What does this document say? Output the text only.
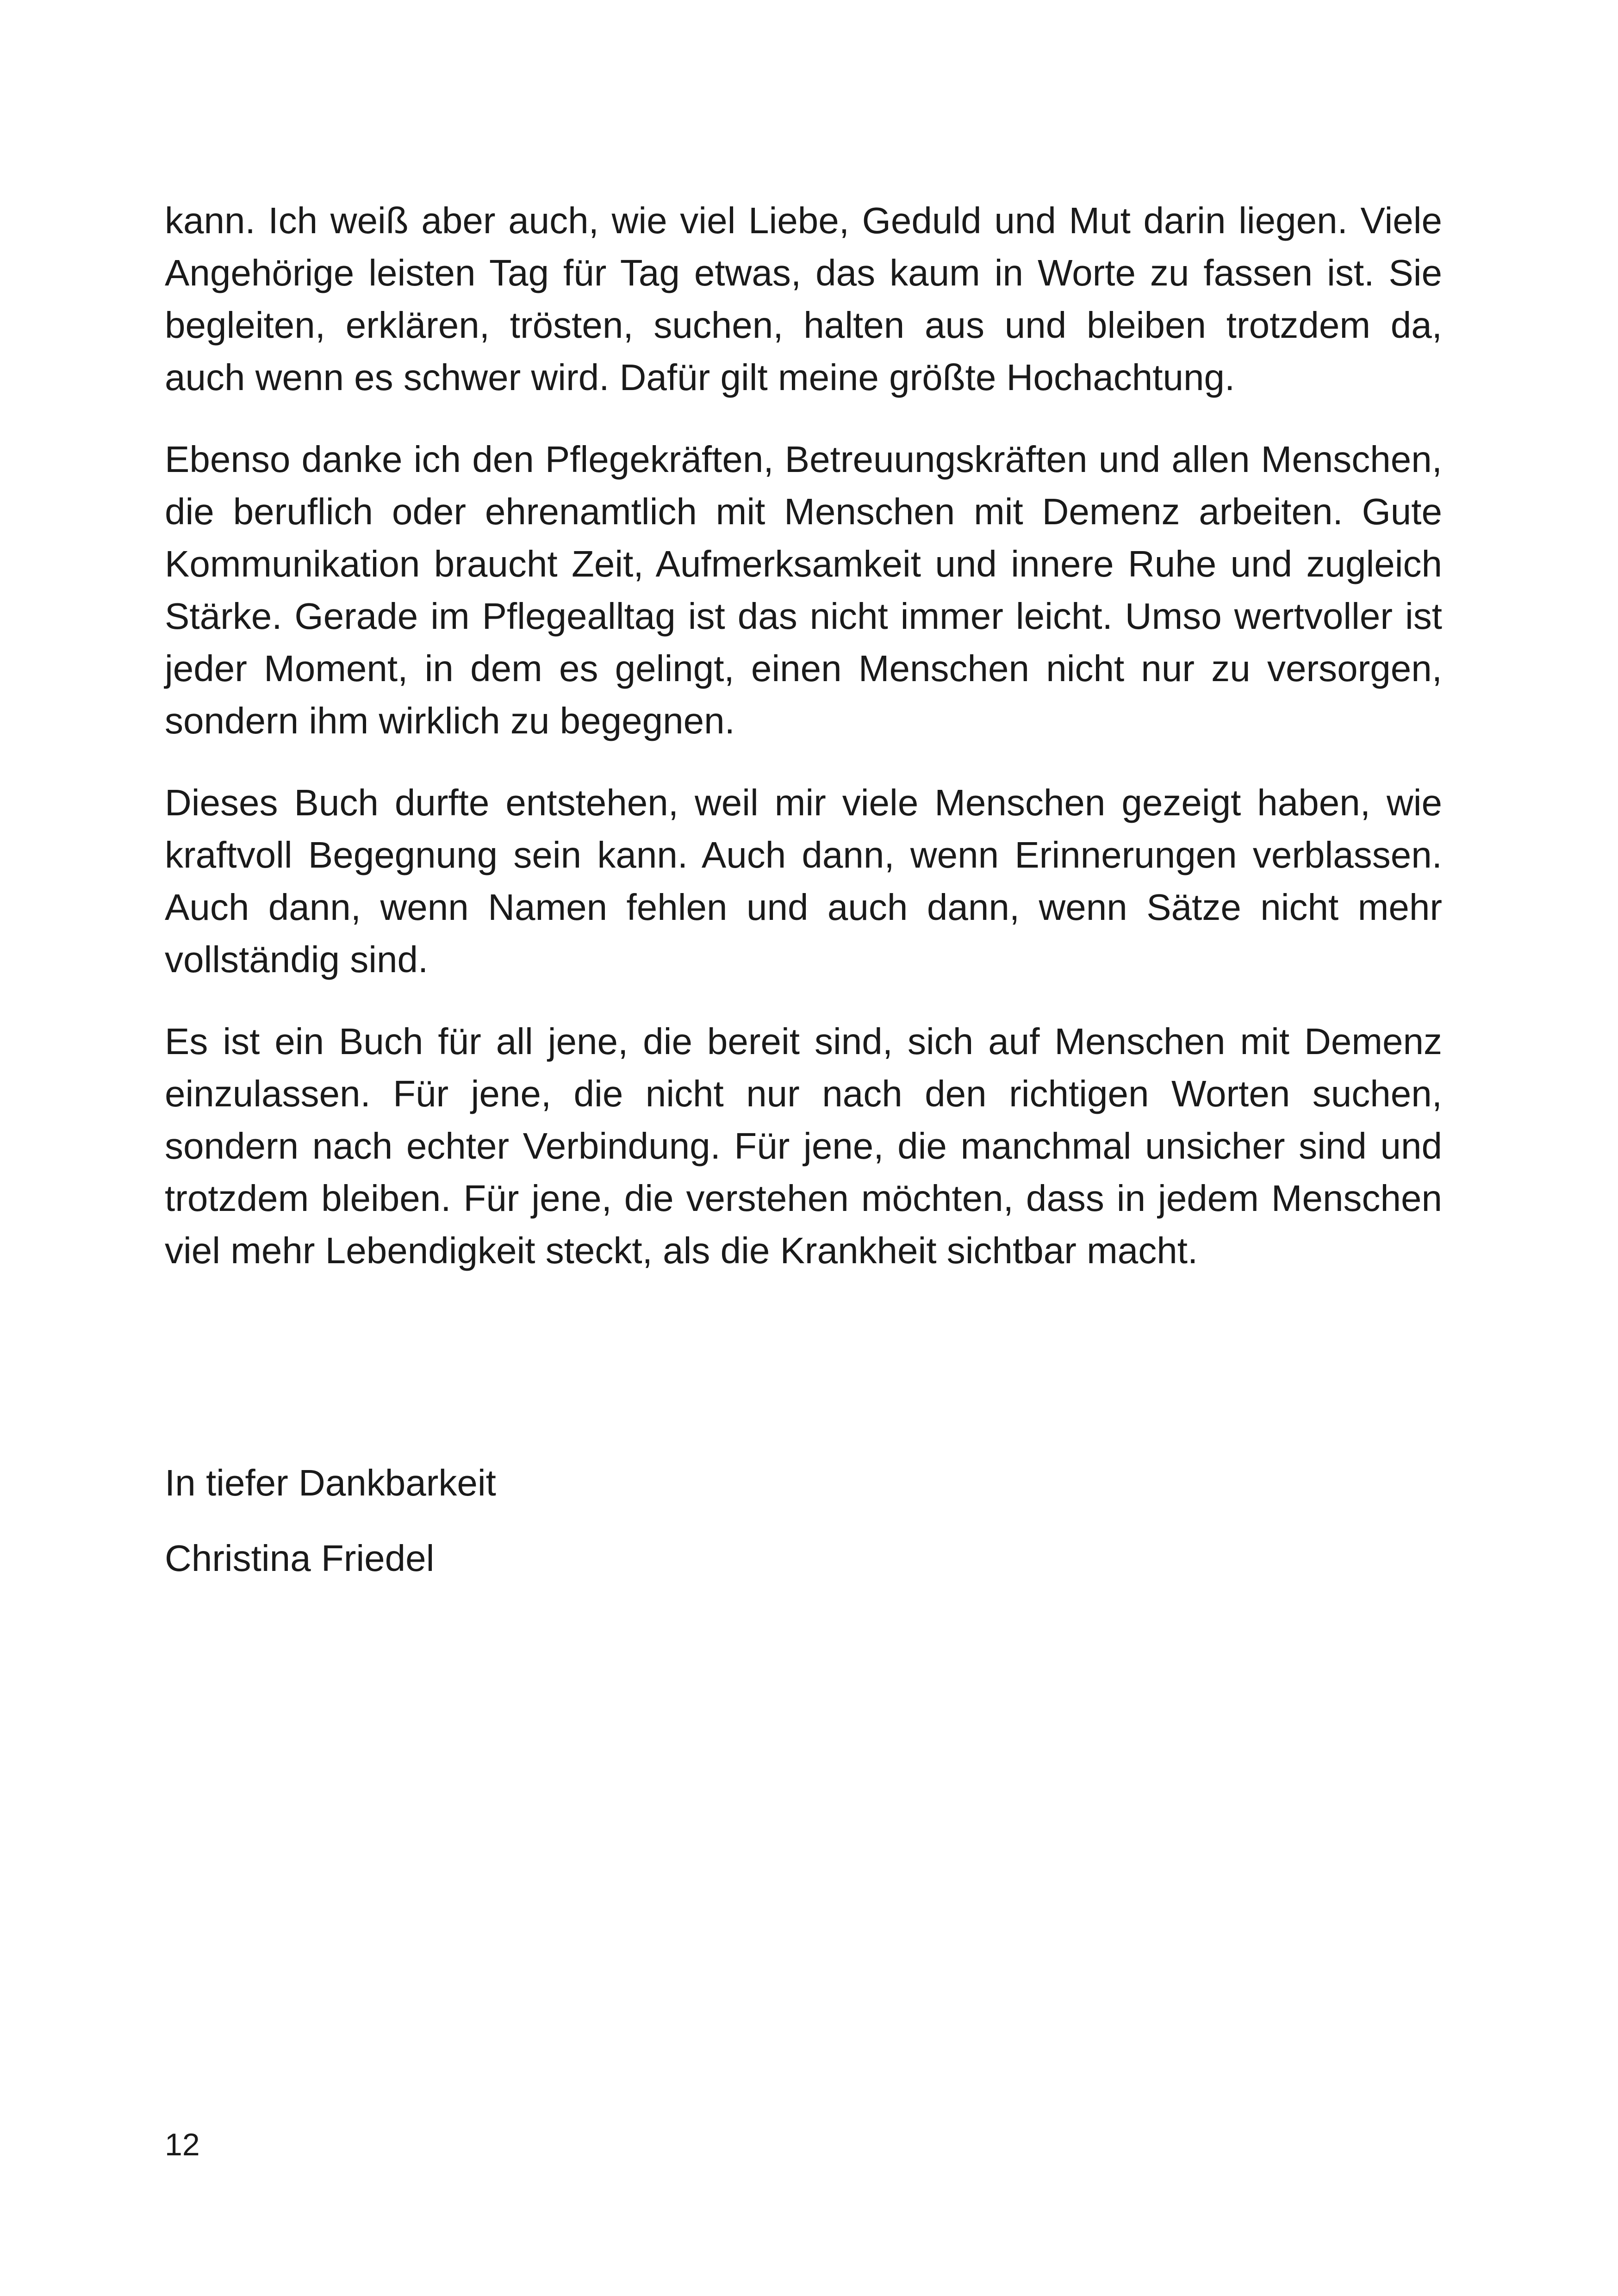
kann. Ich weiß aber auch, wie viel Liebe, Geduld und Mut darin liegen. Viele Angehörige leisten Tag für Tag etwas, das kaum in Worte zu fassen ist. Sie begleiten, erklären, trösten, suchen, halten aus und bleiben trotzdem da, auch wenn es schwer wird. Dafür gilt meine größte Hochachtung.

Ebenso danke ich den Pflegekräften, Betreuungskräften und allen Menschen, die beruflich oder ehrenamtlich mit Menschen mit Demenz arbeiten. Gute Kommunikation braucht Zeit, Aufmerksamkeit und innere Ruhe und zugleich Stärke. Gerade im Pflegealltag ist das nicht immer leicht. Umso wertvoller ist jeder Moment, in dem es gelingt, einen Menschen nicht nur zu versorgen, sondern ihm wirklich zu begegnen.

Dieses Buch durfte entstehen, weil mir viele Menschen gezeigt haben, wie kraftvoll Begegnung sein kann. Auch dann, wenn Erinnerungen verblassen. Auch dann, wenn Namen fehlen und auch dann, wenn Sätze nicht mehr vollständig sind.

Es ist ein Buch für all jene, die bereit sind, sich auf Menschen mit Demenz einzulassen. Für jene, die nicht nur nach den richtigen Worten suchen, sondern nach echter Verbindung. Für jene, die manchmal unsicher sind und trotzdem bleiben. Für jene, die verstehen möchten, dass in jedem Menschen viel mehr Lebendigkeit steckt, als die Krankheit sichtbar macht.

In tiefer Dankbarkeit
Christina Friedel
12
